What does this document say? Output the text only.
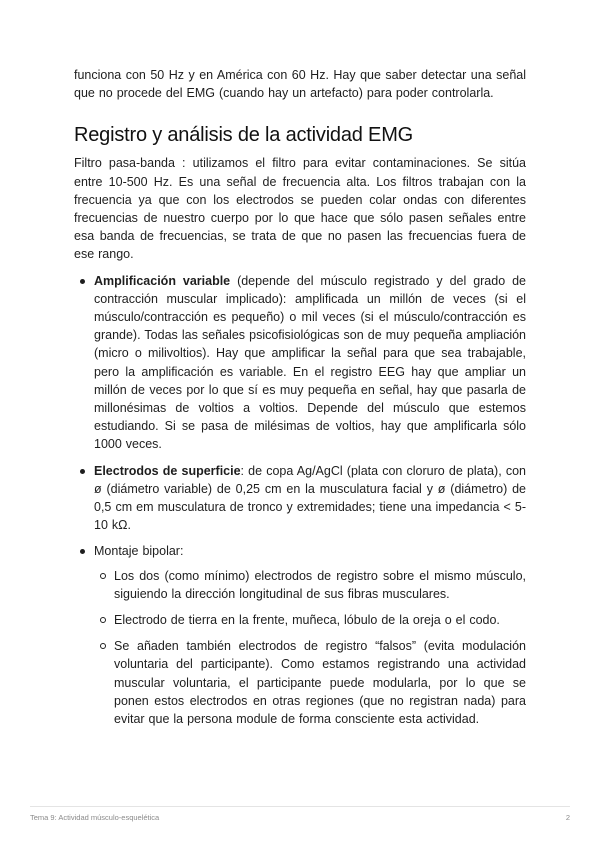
funciona con 50 Hz y en América con 60 Hz. Hay que saber detectar una señal que no procede del EMG (cuando hay un artefacto) para poder controlarla.

Registro y análisis de la actividad EMG

Filtro pasa-banda : utilizamos el filtro para evitar contaminaciones. Se sitúa entre 10-500 Hz. Es una señal de frecuencia alta. Los filtros trabajan con la frecuencia ya que con los electrodos se pueden colar ondas con diferentes frecuencias de nuestro cuerpo por lo que hace que sólo pasen señales entre esa banda de frecuencias, se trata de que no pasen las frecuencias fuera de ese rango.

Amplificación variable (depende del músculo registrado y del grado de contracción muscular implicado): amplificada un millón de veces (si el músculo/contracción es pequeño) o mil veces (si el músculo/contracción es grande). Todas las señales psicofisiológicas son de muy pequeña ampliación (micro o milivoltios). Hay que amplificar la señal para que sea trabajable, pero la amplificación es variable. En el registro EEG hay que ampliar un millón de veces por lo que sí es muy pequeña en señal, hay que pasarla de millonésimas de voltios a voltios. Depende del músculo que estemos estudiando. Si se pasa de milésimas de voltios, hay que amplificarla sólo 1000 veces.

Electrodos de superficie: de copa Ag/AgCl (plata con cloruro de plata), con ø (diámetro variable) de 0,25 cm en la musculatura facial y ø (diámetro) de 0,5 cm em musculatura de tronco y extremidades; tiene una impedancia < 5-10 kΩ.

Montaje bipolar:

Los dos (como mínimo) electrodos de registro sobre el mismo músculo, siguiendo la dirección longitudinal de sus fibras musculares.

Electrodo de tierra en la frente, muñeca, lóbulo de la oreja o el codo.

Se añaden también electrodos de registro “falsos” (evita modulación voluntaria del participante). Como estamos registrando una actividad muscular voluntaria, el participante puede modularla, por lo que se ponen estos electrodos en otras regiones (que no registran nada) para evitar que la persona module de forma consciente esta actividad.

Tema 9: Actividad músculo-esquelética	2
